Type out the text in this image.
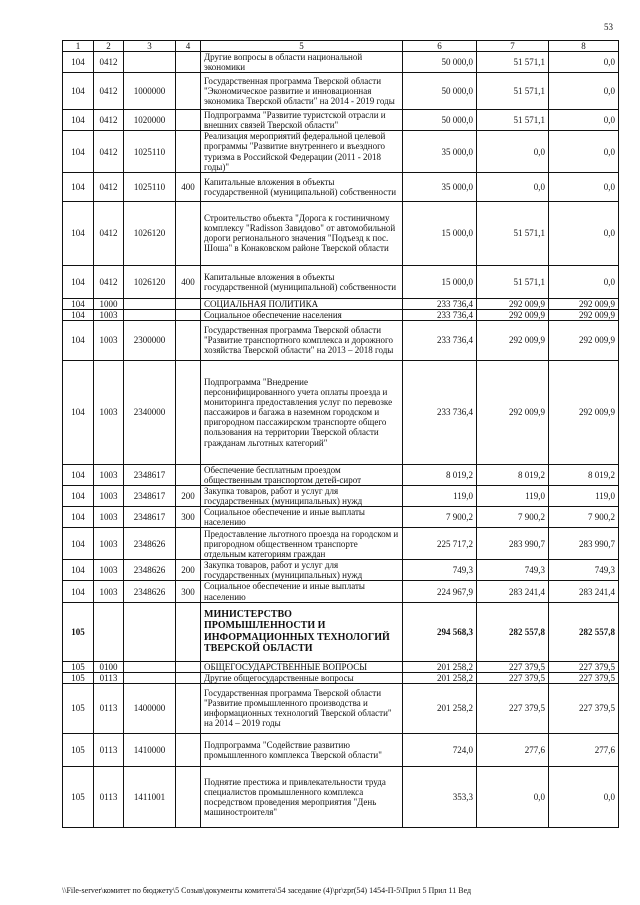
53
1	2	3	4	5	6	7	8
104	0412			Другие вопросы в области национальной экономики	50 000,0	51 571,1	0,0
104	0412	1000000		Государственная программа Тверской области "Экономическое развитие и инновационная экономика Тверской области" на 2014 - 2019 годы	50 000,0	51 571,1	0,0
104	0412	1020000		Подпрограмма "Развитие туристской отрасли и внешних связей Тверской области"	50 000,0	51 571,1	0,0
104	0412	1025110		Реализация мероприятий федеральной целевой программы "Развитие внутреннего и въездного туризма в Российской Федерации (2011 - 2018 годы)"	35 000,0	0,0	0,0
104	0412	1025110	400	Капитальные вложения в объекты государственной (муниципальной) собственности	35 000,0	0,0	0,0
104	0412	1026120		Строительство объекта "Дорога к гостиничному комплексу "Radisson Завидово" от автомобильной дороги регионального значения "Подъезд к пос. Шоша" в Конаковском районе Тверской области	15 000,0	51 571,1	0,0
104	0412	1026120	400	Капитальные вложения в объекты государственной (муниципальной) собственности	15 000,0	51 571,1	0,0
104	1000			СОЦИАЛЬНАЯ ПОЛИТИКА	233 736,4	292 009,9	292 009,9
104	1003			Социальное обеспечение населения	233 736,4	292 009,9	292 009,9
104	1003	2300000		Государственная программа Тверской области "Развитие транспортного комплекса и дорожного хозяйства Тверской области" на 2013 – 2018 годы	233 736,4	292 009,9	292 009,9
104	1003	2340000		Подпрограмма "Внедрение персонифицированного учета оплаты проезда и мониторинга предоставления услуг по перевозке пассажиров и багажа в наземном городском и пригородном пассажирском транспорте общего пользования на территории Тверской области гражданам льготных категорий"	233 736,4	292 009,9	292 009,9
104	1003	2348617		Обеспечение бесплатным проездом общественным транспортом детей-сирот	8 019,2	8 019,2	8 019,2
104	1003	2348617	200	Закупка товаров, работ и услуг для государственных (муниципальных) нужд	119,0	119,0	119,0
104	1003	2348617	300	Социальное обеспечение и иные выплаты населению	7 900,2	7 900,2	7 900,2
104	1003	2348626		Предоставление льготного проезда на городском и пригородном общественном транспорте отдельным категориям граждан	225 717,2	283 990,7	283 990,7
104	1003	2348626	200	Закупка товаров, работ и услуг для государственных (муниципальных) нужд	749,3	749,3	749,3
104	1003	2348626	300	Социальное обеспечение и иные выплаты населению	224 967,9	283 241,4	283 241,4
105				МИНИСТЕРСТВО ПРОМЫШЛЕННОСТИ И ИНФОРМАЦИОННЫХ ТЕХНОЛОГИЙ ТВЕРСКОЙ ОБЛАСТИ	294 568,3	282 557,8	282 557,8
105	0100			ОБЩЕГОСУДАРСТВЕННЫЕ ВОПРОСЫ	201 258,2	227 379,5	227 379,5
105	0113			Другие общегосударственные вопросы	201 258,2	227 379,5	227 379,5
105	0113	1400000		Государственная программа Тверской области "Развитие промышленного производства и информационных технологий Тверской области" на 2014 – 2019 годы	201 258,2	227 379,5	227 379,5
105	0113	1410000		Подпрограмма "Содействие развитию промышленного комплекса Тверской области"	724,0	277,6	277,6
105	0113	1411001		Поднятие престижа и привлекательности труда специалистов промышленного комплекса посредством проведения мероприятия "День машиностроителя"	353,3	0,0	0,0
\\File-server\комитет по бюджету\5 Созыв\документы комитета\54 заседание (4)\pr\zpr(54) 1454-П-5\Прил 5 Прил 11 Вед
